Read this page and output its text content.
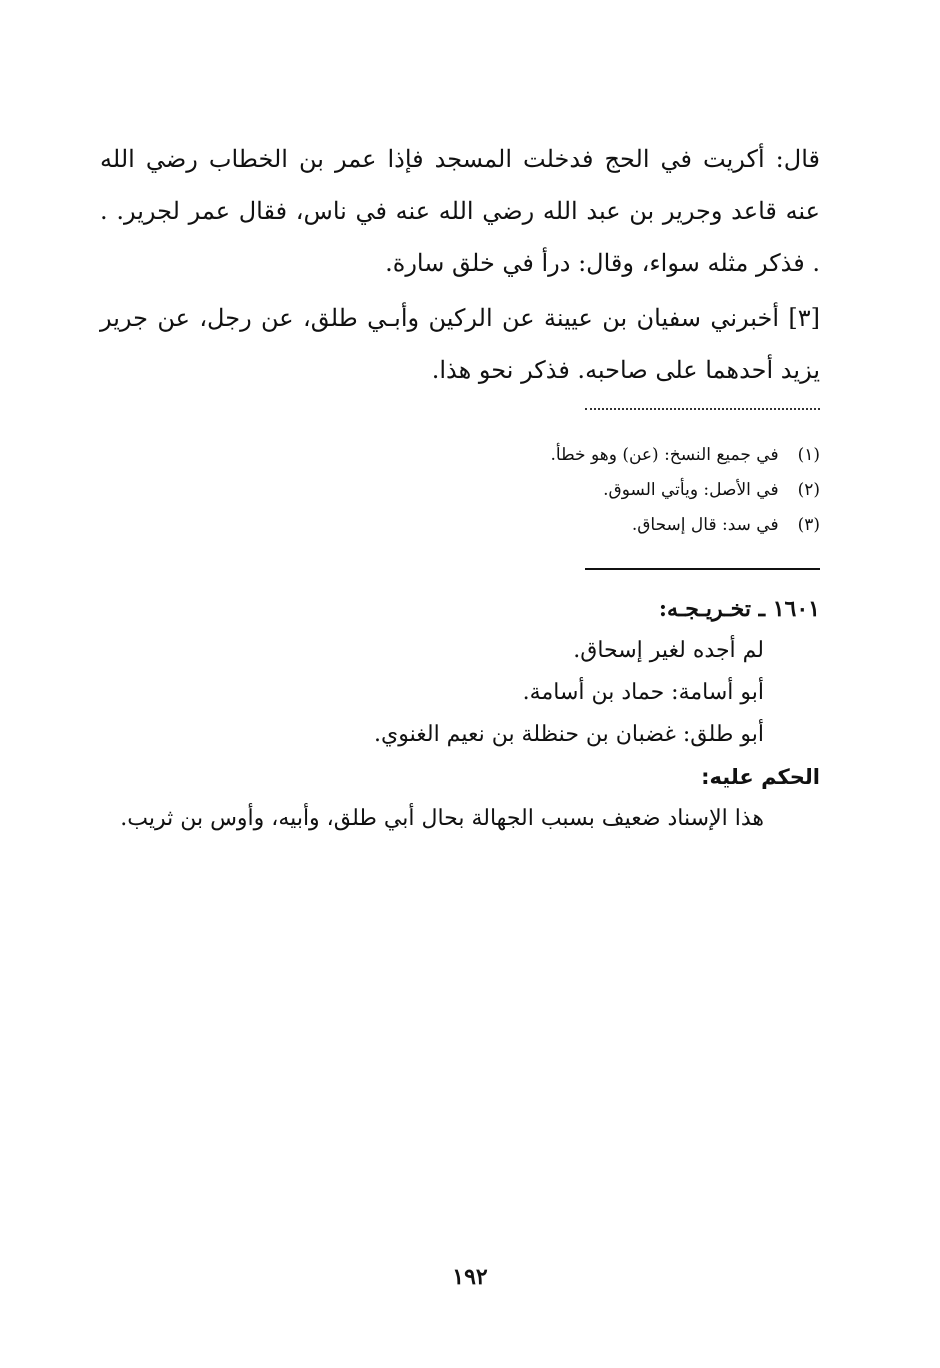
قال: أكريت في الحج فدخلت المسجد فإذا عمر بن الخطاب رضي الله عنه قاعد وجرير بن عبد الله رضي الله عنه في ناس، فقال عمر لجرير. . . فذكر مثله سواء، وقال: درأ في خلق سارة.

[٣] أخبرني سفيان بن عيينة عن الركين وأبـي طلق، عن رجل، عن جرير يزيد أحدهما على صاحبه. فذكر نحو هذا.

(١) في جميع النسخ: (عن) وهو خطأ.
(٢) في الأصل: ويأتي السوق.
(٣) في سد: قال إسحاق.
١٦٠١ ـ تخـريـجـه:
لم أجده لغير إسحاق.
أبو أسامة: حماد بن أسامة.
أبو طلق: غضبان بن حنظلة بن نعيم الغنوي.
الحكم عليه:
هذا الإسناد ضعيف بسبب الجهالة بحال أبي طلق، وأبيه، وأوس بن ثريب.
١٩٢
